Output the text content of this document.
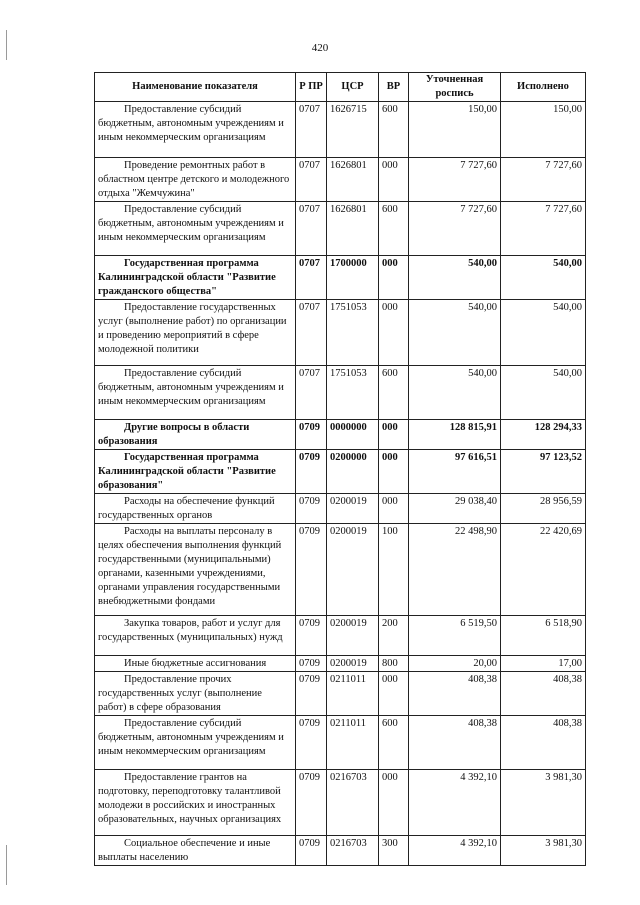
420
Наименование показателя	Р ПР	ЦСР	ВР	Уточненная роспись	Исполнено
Предоставление субсидий бюджетным, автономным учреждениям и иным некоммерческим организациям	0707	1626715	600	150,00	150,00
Проведение ремонтных работ в областном центре детского и молодежного отдыха "Жемчужина"	0707	1626801	000	7 727,60	7 727,60
Предоставление субсидий бюджетным, автономным учреждениям и иным некоммерческим организациям	0707	1626801	600	7 727,60	7 727,60
Государственная программа Калининградской области "Развитие гражданского общества"	0707	1700000	000	540,00	540,00
Предоставление государственных услуг (выполнение работ) по организации и проведению мероприятий в сфере молодежной политики	0707	1751053	000	540,00	540,00
Предоставление субсидий бюджетным, автономным учреждениям и иным некоммерческим организациям	0707	1751053	600	540,00	540,00
Другие вопросы в области образования	0709	0000000	000	128 815,91	128 294,33
Государственная программа Калининградской области "Развитие образования"	0709	0200000	000	97 616,51	97 123,52
Расходы на обеспечение функций государственных органов	0709	0200019	000	29 038,40	28 956,59
Расходы на выплаты персоналу в целях обеспечения выполнения функций государственными (муниципальными) органами, казенными учреждениями, органами управления государственными внебюджетными фондами	0709	0200019	100	22 498,90	22 420,69
Закупка товаров, работ и услуг для государственных (муниципальных) нужд	0709	0200019	200	6 519,50	6 518,90
Иные бюджетные ассигнования	0709	0200019	800	20,00	17,00
Предоставление прочих государственных услуг (выполнение работ) в сфере образования	0709	0211011	000	408,38	408,38
Предоставление субсидий бюджетным, автономным учреждениям и иным некоммерческим организациям	0709	0211011	600	408,38	408,38
Предоставление грантов на подготовку, переподготовку талантливой молодежи в российских и иностранных образовательных, научных организациях	0709	0216703	000	4 392,10	3 981,30
Социальное обеспечение и иные выплаты населению	0709	0216703	300	4 392,10	3 981,30
